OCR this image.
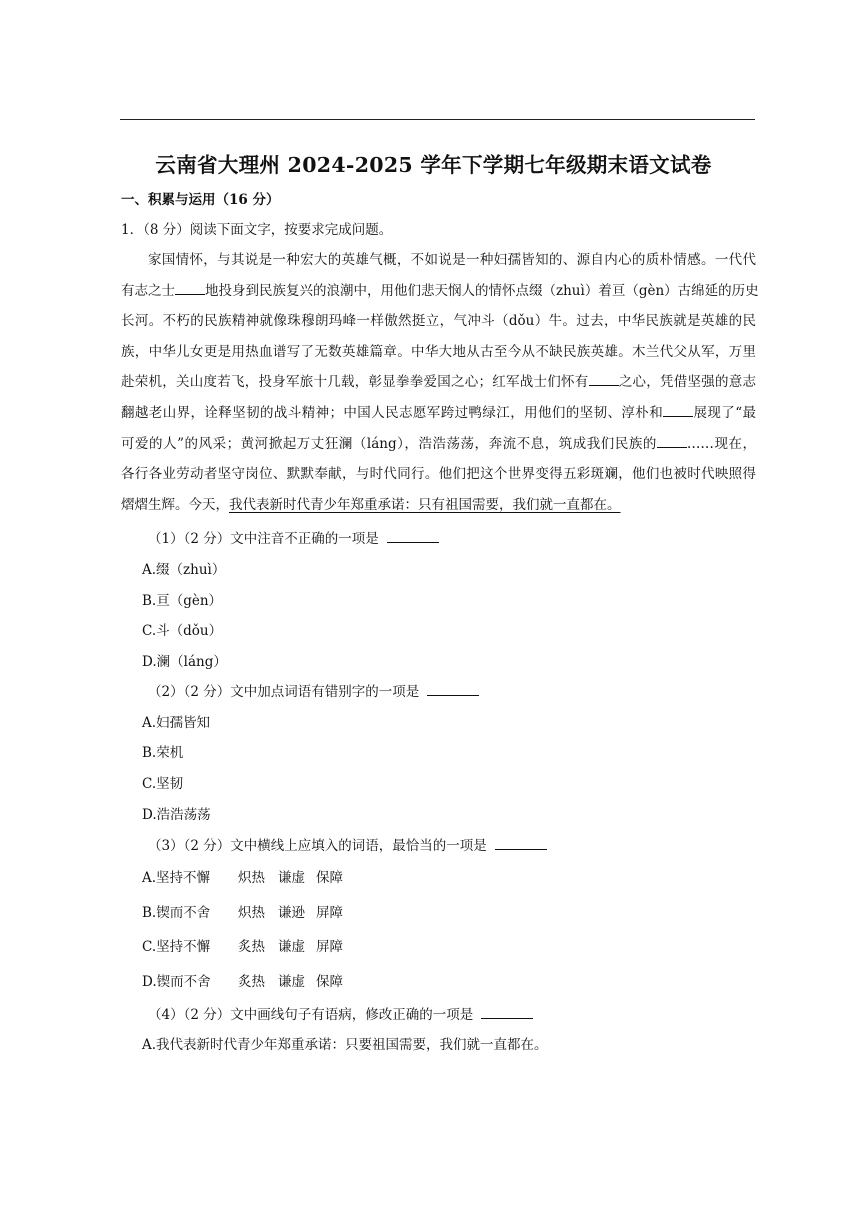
云南省大理州 2024-2025 学年下学期七年级期末语文试卷
一、积累与运用（16 分）
1．（8 分）阅读下面文字，按要求完成问题。
家国情怀，与其说是一种宏大的英雄气概，不如说是一种妇孺皆知的、源自内心的质朴情感。一代代
有志之士 地投身到民族复兴的浪潮中，用他们悲天悯人的情怀点缀（zhuì）着亘（gèn）古绵延的历史
长河。不朽的民族精神就像珠穆朗玛峰一样傲然挺立，气冲斗（dǒu）牛。过去，中华民族就是英雄的民
族，中华儿女更是用热血谱写了无数英雄篇章。中华大地从古至今从不缺民族英雄。木兰代父从军，万里
赴荣机，关山度若飞，投身军旅十几载，彰显拳拳爱国之心；红军战士们怀有 之心，凭借坚强的意志
翻越老山界，诠释坚韧的战斗精神；中国人民志愿军跨过鸭绿江，用他们的坚韧、淳朴和 展现了“最
可爱的人”的风采；黄河掀起万丈狂澜（láng），浩浩荡荡，奔流不息，筑成我们民族的 ……现在，
各行各业劳动者坚守岗位、默默奉献，与时代同行。他们把这个世界变得五彩斑斓，他们也被时代映照得
熠熠生辉。今天，我代表新时代青少年郑重承诺：只有祖国需要，我们就一直都在。
（1）（2 分）文中注音不正确的一项是
A.缀（zhuì）
B.亘（gèn）
C.斗（dǒu）
D.澜（láng）
（2）（2 分）文中加点词语有错别字的一项是
A.妇孺皆知
B.荣机
C.坚韧
D.浩浩荡荡
（3）（2 分）文中横线上应填入的词语，最恰当的一项是
A.坚持不懈 炽热 谦虚 保障
B.锲而不舍 炽热 谦逊 屏障
C.坚持不懈 炙热 谦虚 屏障
D.锲而不舍 炙热 谦虚 保障
（4）（2 分）文中画线句子有语病，修改正确的一项是
A.我代表新时代青少年郑重承诺：只要祖国需要，我们就一直都在。
